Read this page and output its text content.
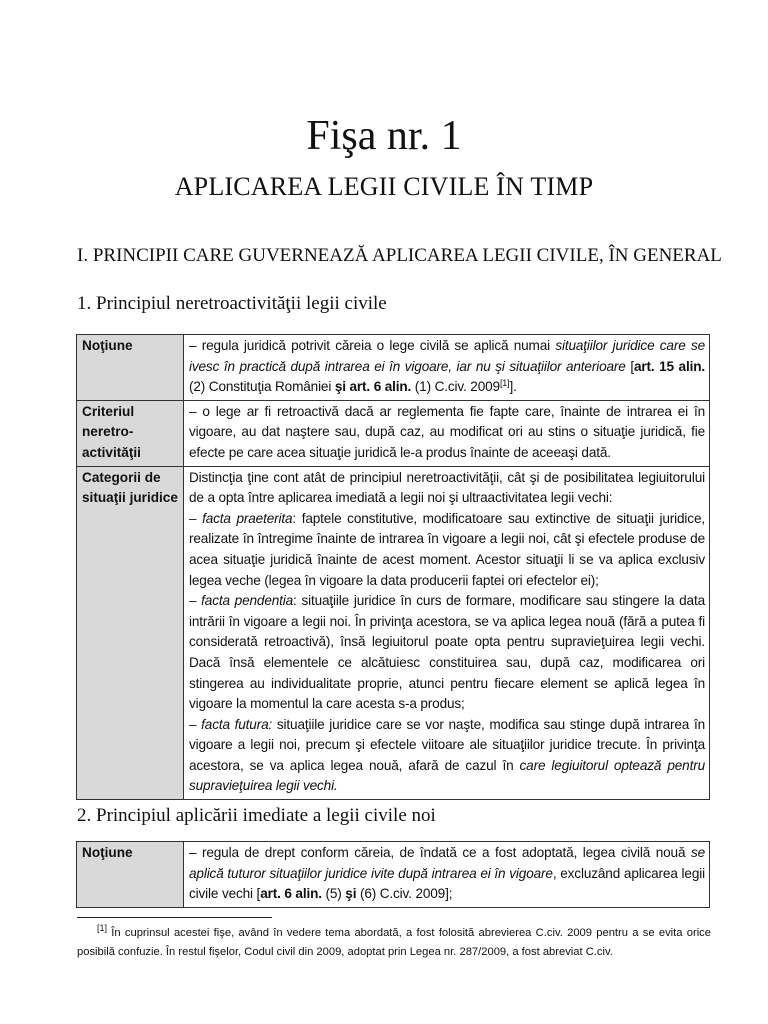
Fişa nr. 1
APLICAREA LEGII CIVILE ÎN TIMP
I. PRINCIPII CARE GUVERNEAZĂ APLICAREA LEGII CIVILE, ÎN GENERAL
1. Principiul neretroactivităţii legii civile
Noţiune	– regula juridică potrivit căreia o lege civilă se aplică numai situaţiilor juridice care se ivesc în practică după intrarea ei în vigoare, iar nu şi situaţiilor anterioare [art. 15 alin. (2) Constituţia României şi art. 6 alin. (1) C.civ. 2009[1]].
Criteriul neretro-activităţii	– o lege ar fi retroactivă dacă ar reglementa fie fapte care, înainte de intrarea ei în vigoare, au dat naştere sau, după caz, au modificat ori au stins o situaţie juridică, fie efecte pe care acea situaţie juridică le-a produs înainte de aceeaşi dată.
Categorii de situaţii juridice	Distincţia ţine cont atât de principiul neretroactivităţii, cât şi de posibilitatea legiuitorului de a opta între aplicarea imediată a legii noi şi ultraactivitatea legii vechi:
– facta praeterita: faptele constitutive, modificatoare sau extinctive de situaţii juridice, realizate în întregime înainte de intrarea în vigoare a legii noi, cât şi efectele produse de acea situaţie juridică înainte de acest moment. Acestor situaţii li se va aplica exclusiv legea veche (legea în vigoare la data producerii faptei ori efectelor ei);
– facta pendentia: situaţiile juridice în curs de formare, modificare sau stingere la data intrării în vigoare a legii noi. În privinţa acestora, se va aplica legea nouă (fără a putea fi considerată retroactivă), însă legiuitorul poate opta pentru supravieţuirea legii vechi. Dacă însă elementele ce alcătuiesc constituirea sau, după caz, modificarea ori stingerea au individualitate proprie, atunci pentru fiecare element se aplică legea în vigoare la momentul la care acesta s-a produs;
– facta futura: situaţiile juridice care se vor naşte, modifica sau stinge după intrarea în vigoare a legii noi, precum şi efectele viitoare ale situaţiilor juridice trecute. În privinţa acestora, se va aplica legea nouă, afară de cazul în care legiuitorul optează pentru supravieţuirea legii vechi.
2. Principiul aplicării imediate a legii civile noi
Noţiune	– regula de drept conform căreia, de îndată ce a fost adoptată, legea civilă nouă se aplică tuturor situaţiilor juridice ivite după intrarea ei în vigoare, excluzând aplicarea legii civile vechi [art. 6 alin. (5) şi (6) C.civ. 2009];
[1] În cuprinsul acestei fişe, având în vedere tema abordată, a fost folosită abrevierea C.civ. 2009 pentru a se evita orice posibilă confuzie. În restul fişelor, Codul civil din 2009, adoptat prin Legea nr. 287/2009, a fost abreviat C.civ.
